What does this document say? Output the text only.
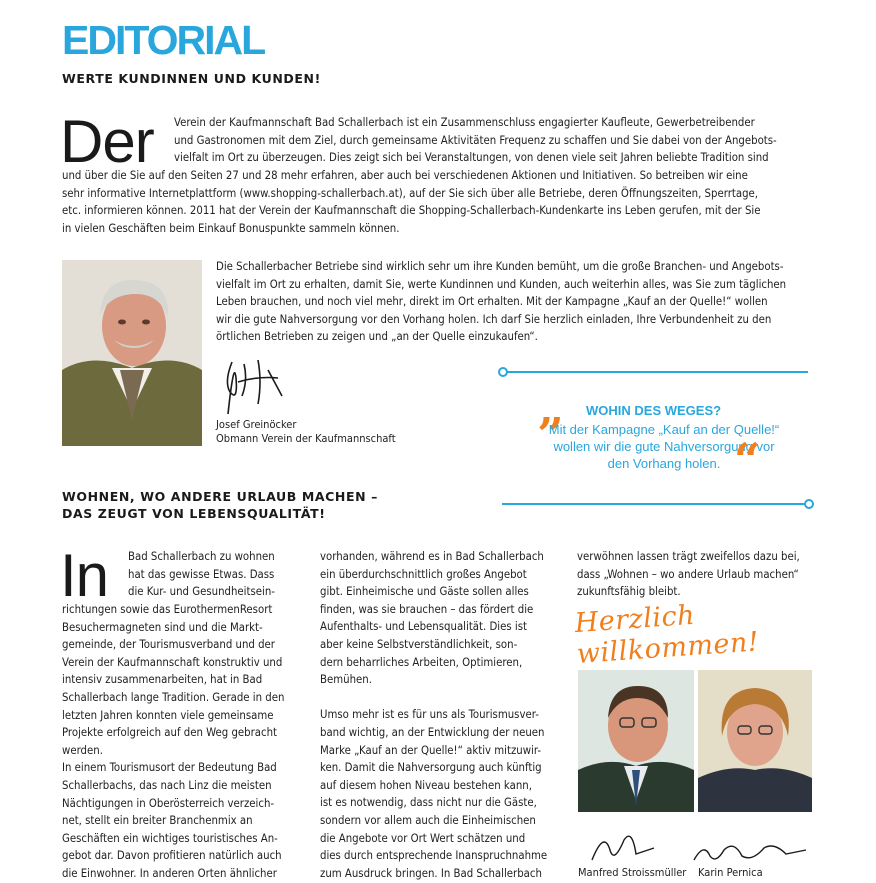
EDITORIAL
WERTE KUNDINNEN UND KUNDEN!
Der Verein der Kaufmannschaft Bad Schallerbach ist ein Zusammenschluss engagierter Kaufleute, Gewerbetreibender

und Gastronomen mit dem Ziel, durch gemeinsame Aktivitäten Frequenz zu schaffen und Sie dabei von der Angebots-

vielfalt im Ort zu überzeugen. Dies zeigt sich bei Veranstaltungen, von denen viele seit Jahren beliebte Tradition sind

und über die Sie auf den Seiten 27 und 28 mehr erfahren, aber auch bei verschiedenen Aktionen und Initiativen. So betreiben wir eine

sehr informative Internetplattform (www.shopping-schallerbach.at), auf der Sie sich über alle Betriebe, deren Öffnungszeiten, Sperrtage,

etc. informieren können. 2011 hat der Verein der Kaufmannschaft die Shopping-Schallerbach-Kundenkarte ins Leben gerufen, mit der Sie

in vielen Geschäften beim Einkauf Bonuspunkte sammeln können.

Die Schallerbacher Betriebe sind wirklich sehr um ihre Kunden bemüht, um die große Branchen- und Angebots-

vielfalt im Ort zu erhalten, damit Sie, werte Kundinnen und Kunden, auch weiterhin alles, was Sie zum täglichen

Leben brauchen, und noch viel mehr, direkt im Ort erhalten. Mit der Kampagne „Kauf an der Quelle!“ wollen

wir die gute Nahversorgung vor den Vorhang holen. Ich darf Sie herzlich einladen, Ihre Verbundenheit zu den

örtlichen Betrieben zu zeigen und „an der Quelle einzukaufen“.

Josef Greinöcker
Obmann Verein der Kaufmannschaft
„ WOHIN DES WEGES?
Mit der Kampagne „Kauf an der Quelle!“
wollen wir die gute Nahversorgung vor
den Vorhang holen. “
WOHNEN, WO ANDERE URLAUB MACHEN –
DAS ZEUGT VON LEBENSQUALITÄT!
In Bad Schallerbach zu wohnen

hat das gewisse Etwas. Dass

die Kur- und Gesundheitsein-

richtungen sowie das EurothermenResort

Besuchermagneten sind und die Markt-

gemeinde, der Tourismusverband und der

Verein der Kaufmannschaft konstruktiv und

intensiv zusammenarbeiten, hat in Bad

Schallerbach lange Tradition. Gerade in den

letzten Jahren konnten viele gemeinsame

Projekte erfolgreich auf den Weg gebracht

werden.

In einem Tourismusort der Bedeutung Bad

Schallerbachs, das nach Linz die meisten

Nächtigungen in Oberösterreich verzeich-

net, stellt ein breiter Branchenmix an

Geschäften ein wichtiges touristisches An-

gebot dar. Davon profitieren natürlich auch

die Einwohner. In anderen Orten ähnlicher

vorhanden, während es in Bad Schallerbach

ein überdurchschnittlich großes Angebot

gibt. Einheimische und Gäste sollen alles

finden, was sie brauchen – das fördert die

Aufenthalts- und Lebensqualität. Dies ist

aber keine Selbstverständlichkeit, son-

dern beharrliches Arbeiten, Optimieren,

Bemühen.

Umso mehr ist es für uns als Tourismusver-

band wichtig, an der Entwicklung der neuen

Marke „Kauf an der Quelle!“ aktiv mitzuwir-

ken. Damit die Nahversorgung auch künftig

auf diesem hohen Niveau bestehen kann,

ist es notwendig, dass nicht nur die Gäste,

sondern vor allem auch die Einheimischen

die Angebote vor Ort Wert schätzen und

dies durch entsprechende Inanspruchnahme

zum Ausdruck bringen. In Bad Schallerbach

verwöhnen lassen trägt zweifellos dazu bei,

dass „Wohnen – wo andere Urlaub machen“

zukunftsfähig bleibt.

Herzlich willkommen!
Manfred Stroissmüller Karin Pernica
